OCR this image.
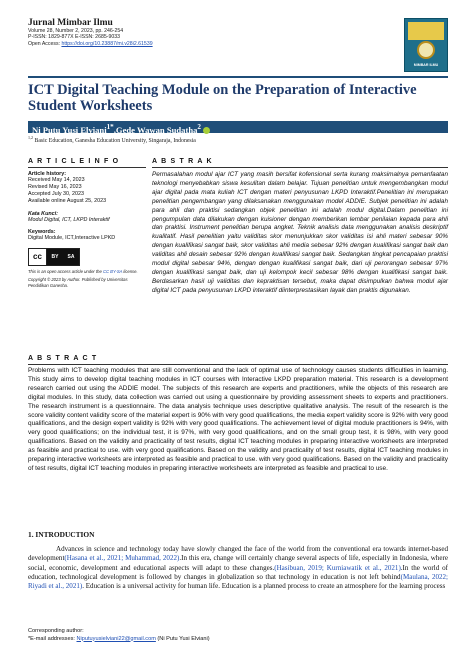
Jurnal Mimbar Ilmu
Volume 28, Number 2, 2023, pp. 246-254
P-ISSN: 1829-877X E-ISSN: 2685-9033
Open Access: https://doi.org/10.23887/mi.v28i2.61539
MIMBAR ILMU
ICT Digital Teaching Module on the Preparation of Interactive Student Worksheets
Ni Putu Yusi Elviani$^{1*}$,Gede Wawan Sudatha$^2$
$^{1,2}$ Basic Education, Ganesha Education University, Singaraja, Indonesia
A R T I C L E I N F O
Article history:
Received May 14, 2023
Revised May 16, 2023
Accepted July 30, 2023
Available online August 25, 2023
Kata Kunci:
Modul Digital, ICT, LKPD Interaktif
Keywords:
Digital Module, ICT,Interactive LPKD
cc	BY SA
This is an open access article under the CC BY-SA license.
Copyright © 2023 by Author. Published by Universitas Pendidikan Ganesha.
A B S T R A K
Permasalahan modul ajar ICT yang masih bersifat kofensional serta kurang maksimalnya pemanfaatan teknologi menyebabkan siswa kesulitan dalam belajar. Tujuan penelitian untuk mengembangkan modul ajar digital pada mata kuliah ICT dengan materi penyusunan LKPD Interaktif.Penelitian ini merupakan penelitian pengembangan yang dilaksanakan menggunakan model ADDIE. Subjek penelitian ini adalah para ahli dan praktisi sedangkan objek penelitian ini adalah modul digital.Dalam penelitian ini pengumpulan data dilakukan dengan kuisioner dengan memberikan lembar penilaian kepada para ahli dan praktisi. Instrument penelitian berupa angket. Teknik analisis data menggunakan analisis deskriptif kualitatif. Hasil penelitian yaitu validitas skor menunjukkan skor validitas isi ahli materi sebesar 90% dengan kualifikasi sangat baik, skor validitas ahli media sebesar 92% dengan kualifikasi sangat baik dan validitas ahli desain sebesar 92% dengan kualifikasi sangat baik. Sedangkan tingkat pencapaian praktisi modul digital sebesar 94%, dengan dengan kualifikasi sangat baik, dari uji perorangan sebesar 97% dengan kualifikasi sangat baik, dan uji kelompok kecil sebesar 98% dengan kualifikasi sangat baik. Berdasarkan hasil uji validitas dan kepraktisan tersebut, maka dapat disimpulkan bahwa modul ajar digital ICT pada penyusunan LKPD interaktif diinterprestasikan layak dan praktis digunakan.
A B S T R A C T
Problems with ICT teaching modules that are still conventional and the lack of optimal use of technology causes students difficulties in learning. This study aims to develop digital teaching modules in ICT courses with Interactive LKPD preparation material. This research is a development research carried out using the ADDIE model. The subjects of this research are experts and practitioners, while the objects of this research are digital modules. In this study, data collection was carried out using a questionnaire by providing assessment sheets to experts and practitioners. The research instrument is a questionnaire. The data analysis technique uses descriptive qualitative analysis. The result of the research is the score validity content validity score of the material expert is 90% with very good qualifications, the media expert validity score is 92% with very good qualifications, and the design expert validity is 92% with very good qualifications. The achievement level of digital module practitioners is 94%, with very good qualifications; on the individual test, it is 97%, with very good qualifications, and on the small group test, it is 98%, with very good qualifications. Based on the validity and practicality of test results, digital ICT teaching modules in preparing interactive worksheets are interpreted as feasible and practical to use. with very good qualifications. Based on the validity and practicality of test results, digital ICT teaching modules in preparing interactive worksheets are interpreted as feasible and practical to use. with very good qualifications. Based on the validity and practicality of test results, digital ICT teaching modules in preparing interactive worksheets are interpreted as feasible and practical to use.
1. INTRODUCTION
Advances in science and technology today have slowly changed the face of the world from the conventional era towards internet-based development(Hasana et al., 2021; Muhammad, 2022).In this era, change will certainly change several aspects of life, especially in Indonesia, where social, economic, development and educational aspects will adapt to these changes.(Hasibuan, 2019; Kurniawatik et al., 2021).In the world of education, technological development is followed by changes in globalization so that technology in education is not left behind(Maulana, 2022; Riyadi et al., 2021). Education is a universal activity for human life. Education is a planned process to create an atmosphere for the learning process
Corresponding author:
*E-mail addresses: Niputuyusielviani22@gmail.com (Ni Putu Yusi Elviani)
